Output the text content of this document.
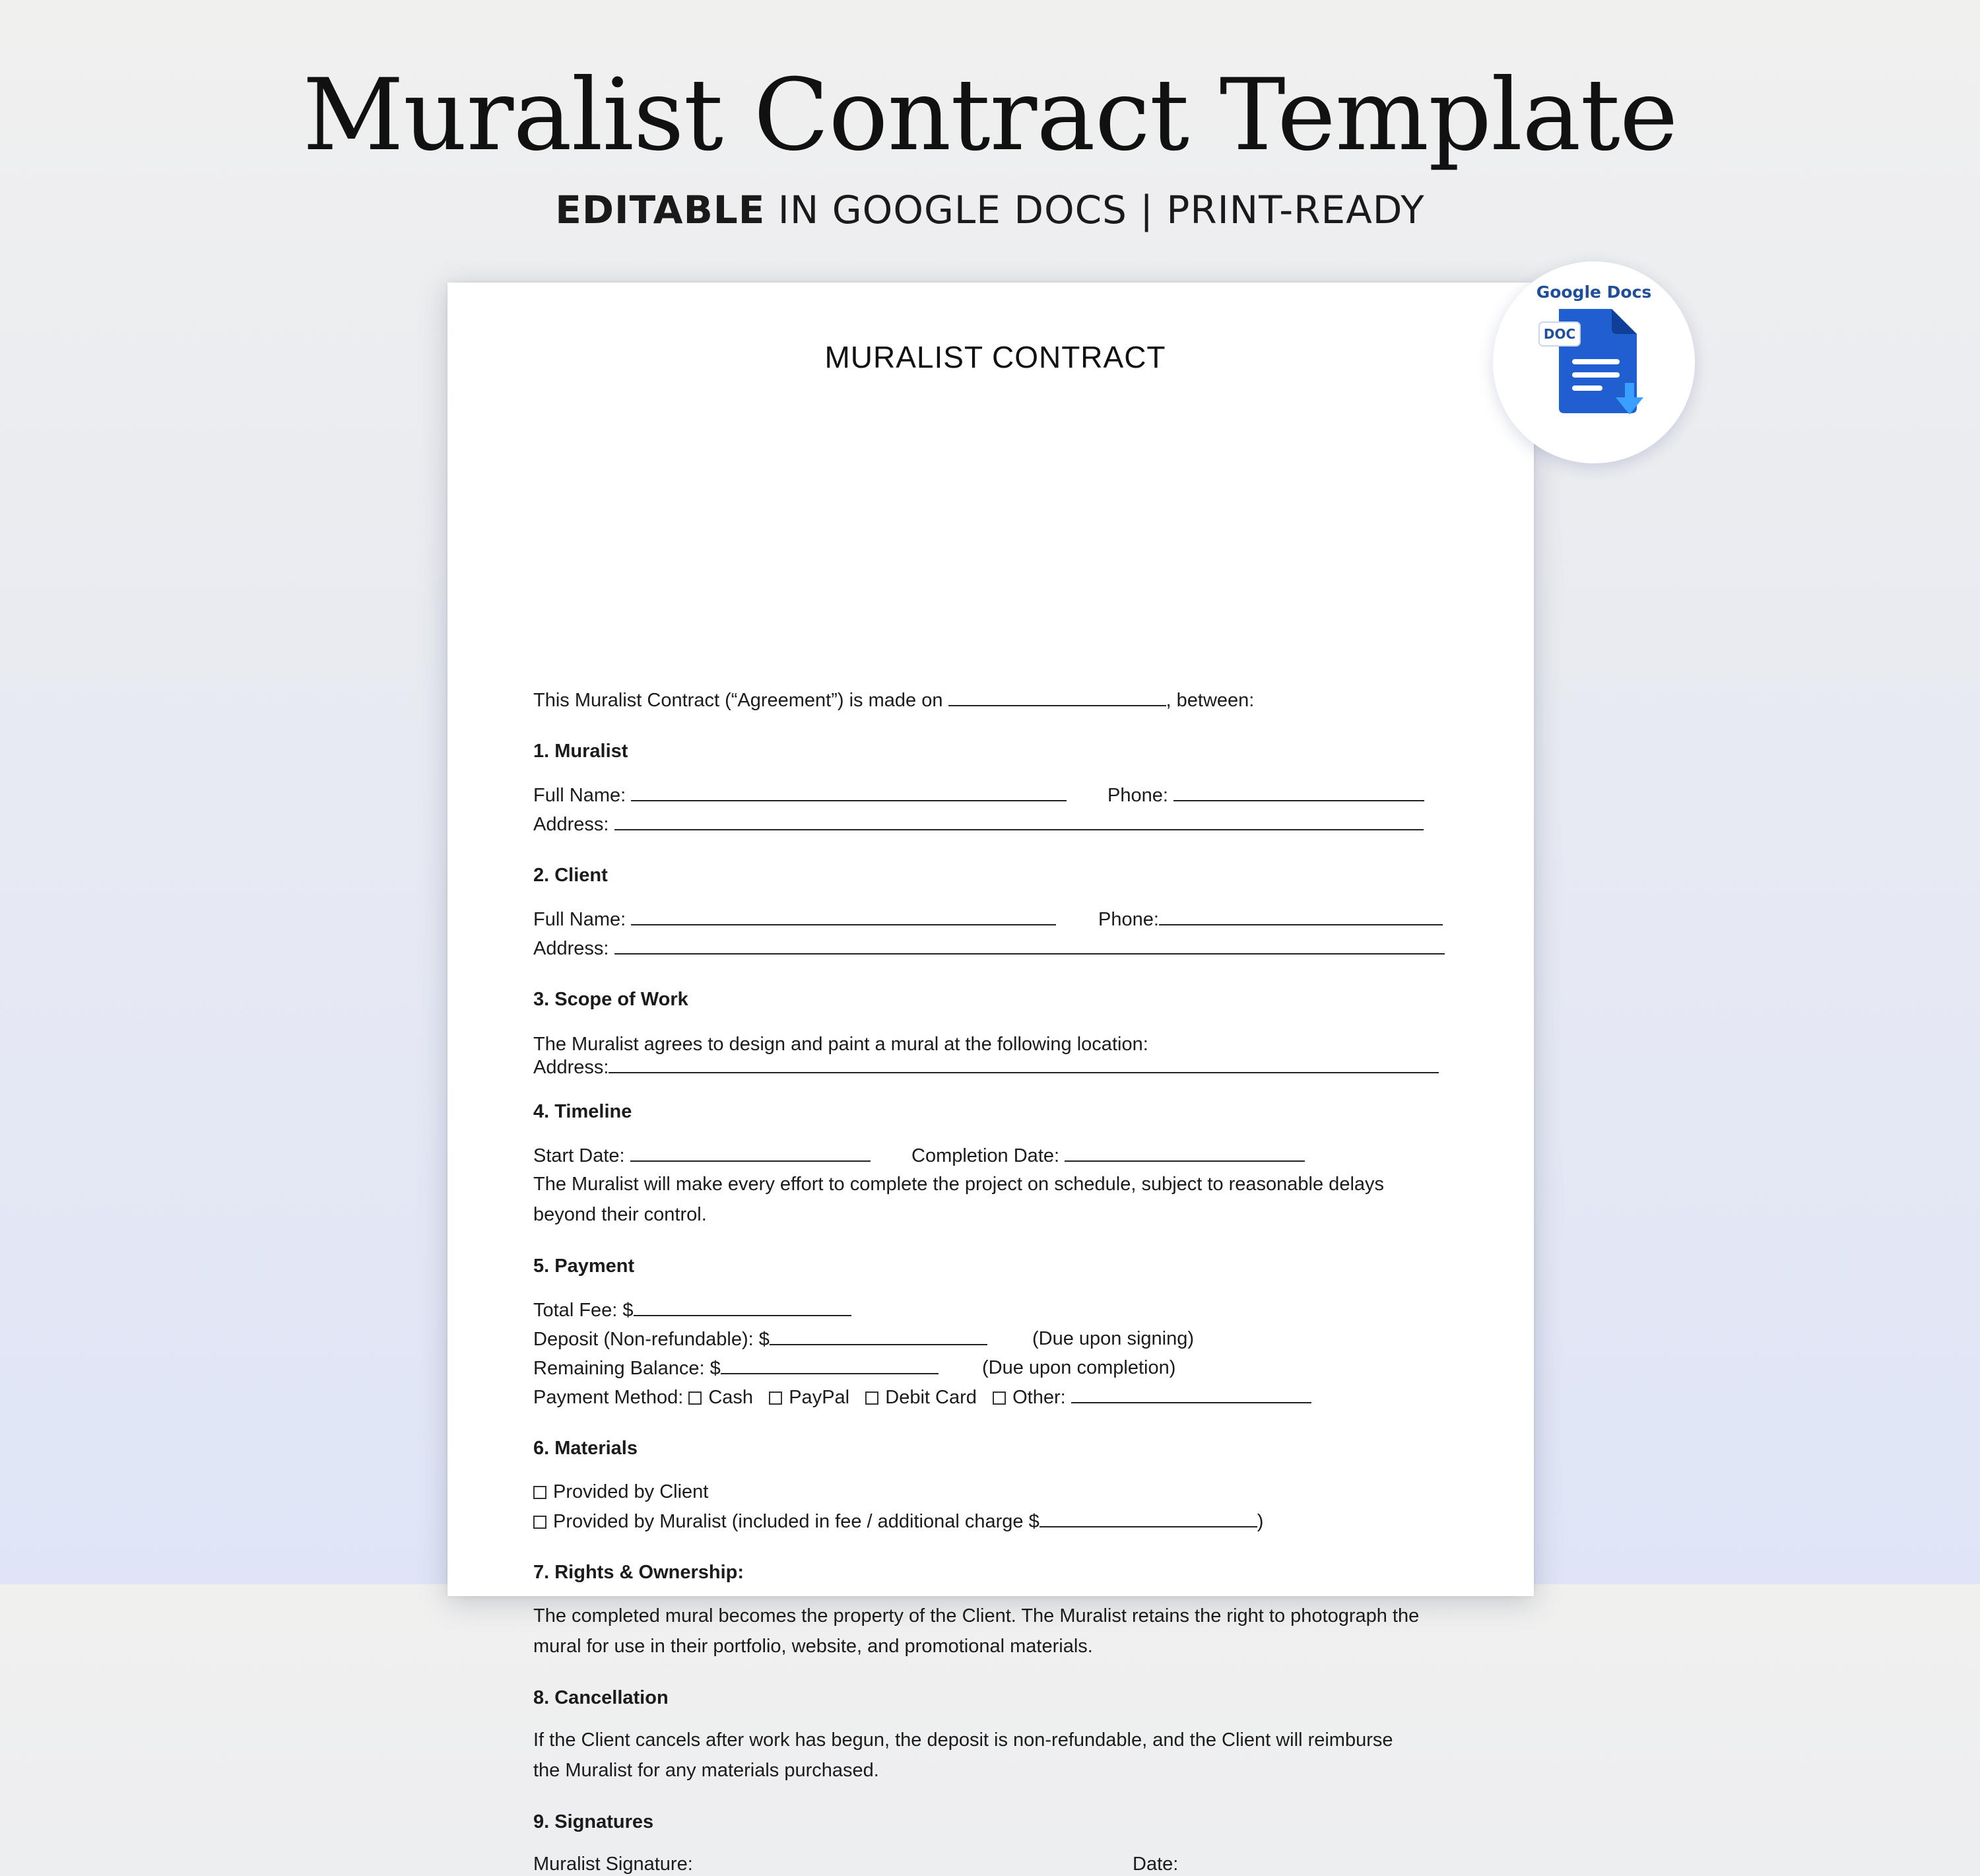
Muralist Contract Template
EDITABLE IN GOOGLE DOCS | PRINT-READY
MURALIST CONTRACT
This Muralist Contract (“Agreement”) is made on	, between:
1. Muralist
Full Name:	Phone:
Address:
2. Client
Full Name:	Phone:
Address:
3. Scope of Work
The Muralist agrees to design and paint a mural at the following location:
Address:
4. Timeline
Start Date:	Completion Date:
The Muralist will make every effort to complete the project on schedule, subject to reasonable delays
beyond their control.
5. Payment
Total Fee: $
Deposit (Non-refundable): $	(Due upon signing)
Remaining Balance: $	(Due upon completion)
Payment Method: Cash PayPal Debit Card Other:
6. Materials
Provided by Client
Provided by Muralist (included in fee / additional charge $	)
7. Rights & Ownership:
The completed mural becomes the property of the Client. The Muralist retains the right to photograph the
mural for use in their portfolio, website, and promotional materials.
8. Cancellation
If the Client cancels after work has begun, the deposit is non-refundable, and the Client will reimburse
the Muralist for any materials purchased.
9. Signatures
Muralist Signature:	Date:
Google Docs
DOC
